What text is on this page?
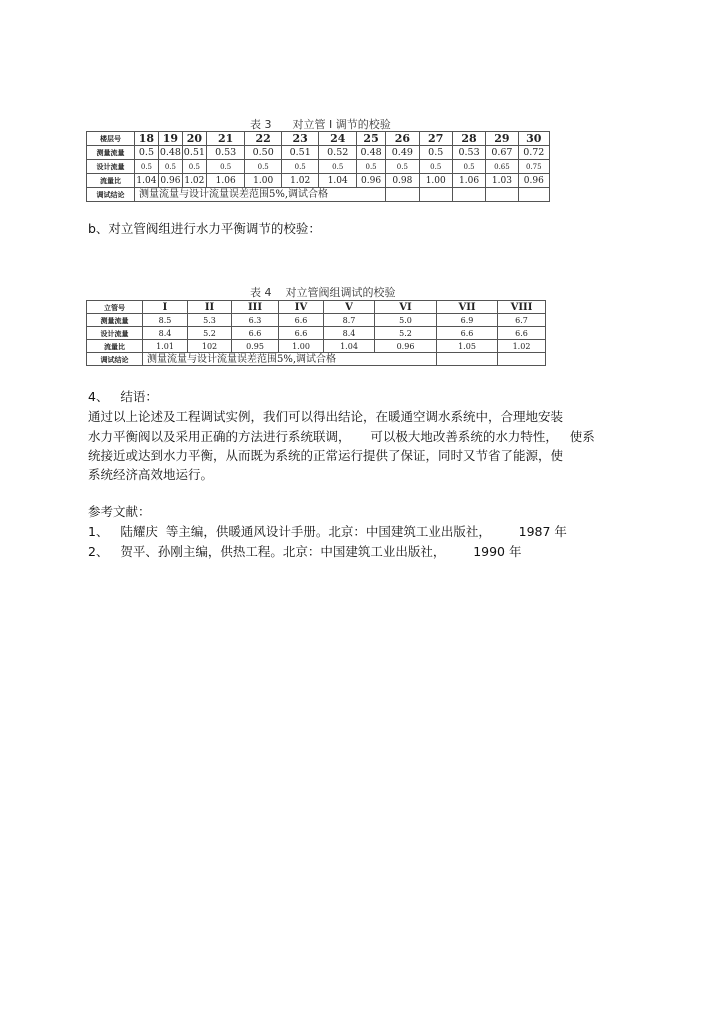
表 3      对立管 I 调节的校验
楼层号	18	19	20	21	22	23	24	25	26	27	28	29	30
测量流量	0.5	0.48	0.51	0.53	0.50	0.51	0.52	0.48	0.49	0.5	0.53	0.67	0.72
设计流量	0.5	0.5	0.5	0.5	0.5	0.5	0.5	0.5	0.5	0.5	0.5	0.65	0.75
流量比	1.04	0.96	1.02	1.06	1.00	1.02	1.04	0.96	0.98	1.00	1.06	1.03	0.96
调试结论	测量流量与设计流量误差范围5%,调试合格												
b、对立管阀组进行水力平衡调节的校验：
表 4    对立管阀组调试的校验
立管号	I	II	III	IV	V	VI	VII	VIII
测量流量	8.5	5.3	6.3	6.6	8.7	5.0	6.9	6.7
设计流量	8.4	5.2	6.6	6.6	8.4	5.2	6.6	6.6
流量比	1.01	102	0.95	1.00	1.04	0.96	1.05	1.02
调试结论	测量流量与设计流量误差范围5%,调试合格							
4、   结语：
通过以上论述及工程调试实例，我们可以得出结论，在暖通空调水系统中，合理地安装
水力平衡阀以及采用正确的方法进行系统联调，     可以极大地改善系统的水力特性，   使系
统接近或达到水力平衡，从而既为系统的正常运行提供了保证，同时又节省了能源，使
系统经济高效地运行。
参考文献：
1、   陆耀庆  等主编，供暖通风设计手册。北京：中国建筑工业出版社，       1987 年
2、   贺平、孙刚主编，供热工程。北京：中国建筑工业出版社，       1990 年
